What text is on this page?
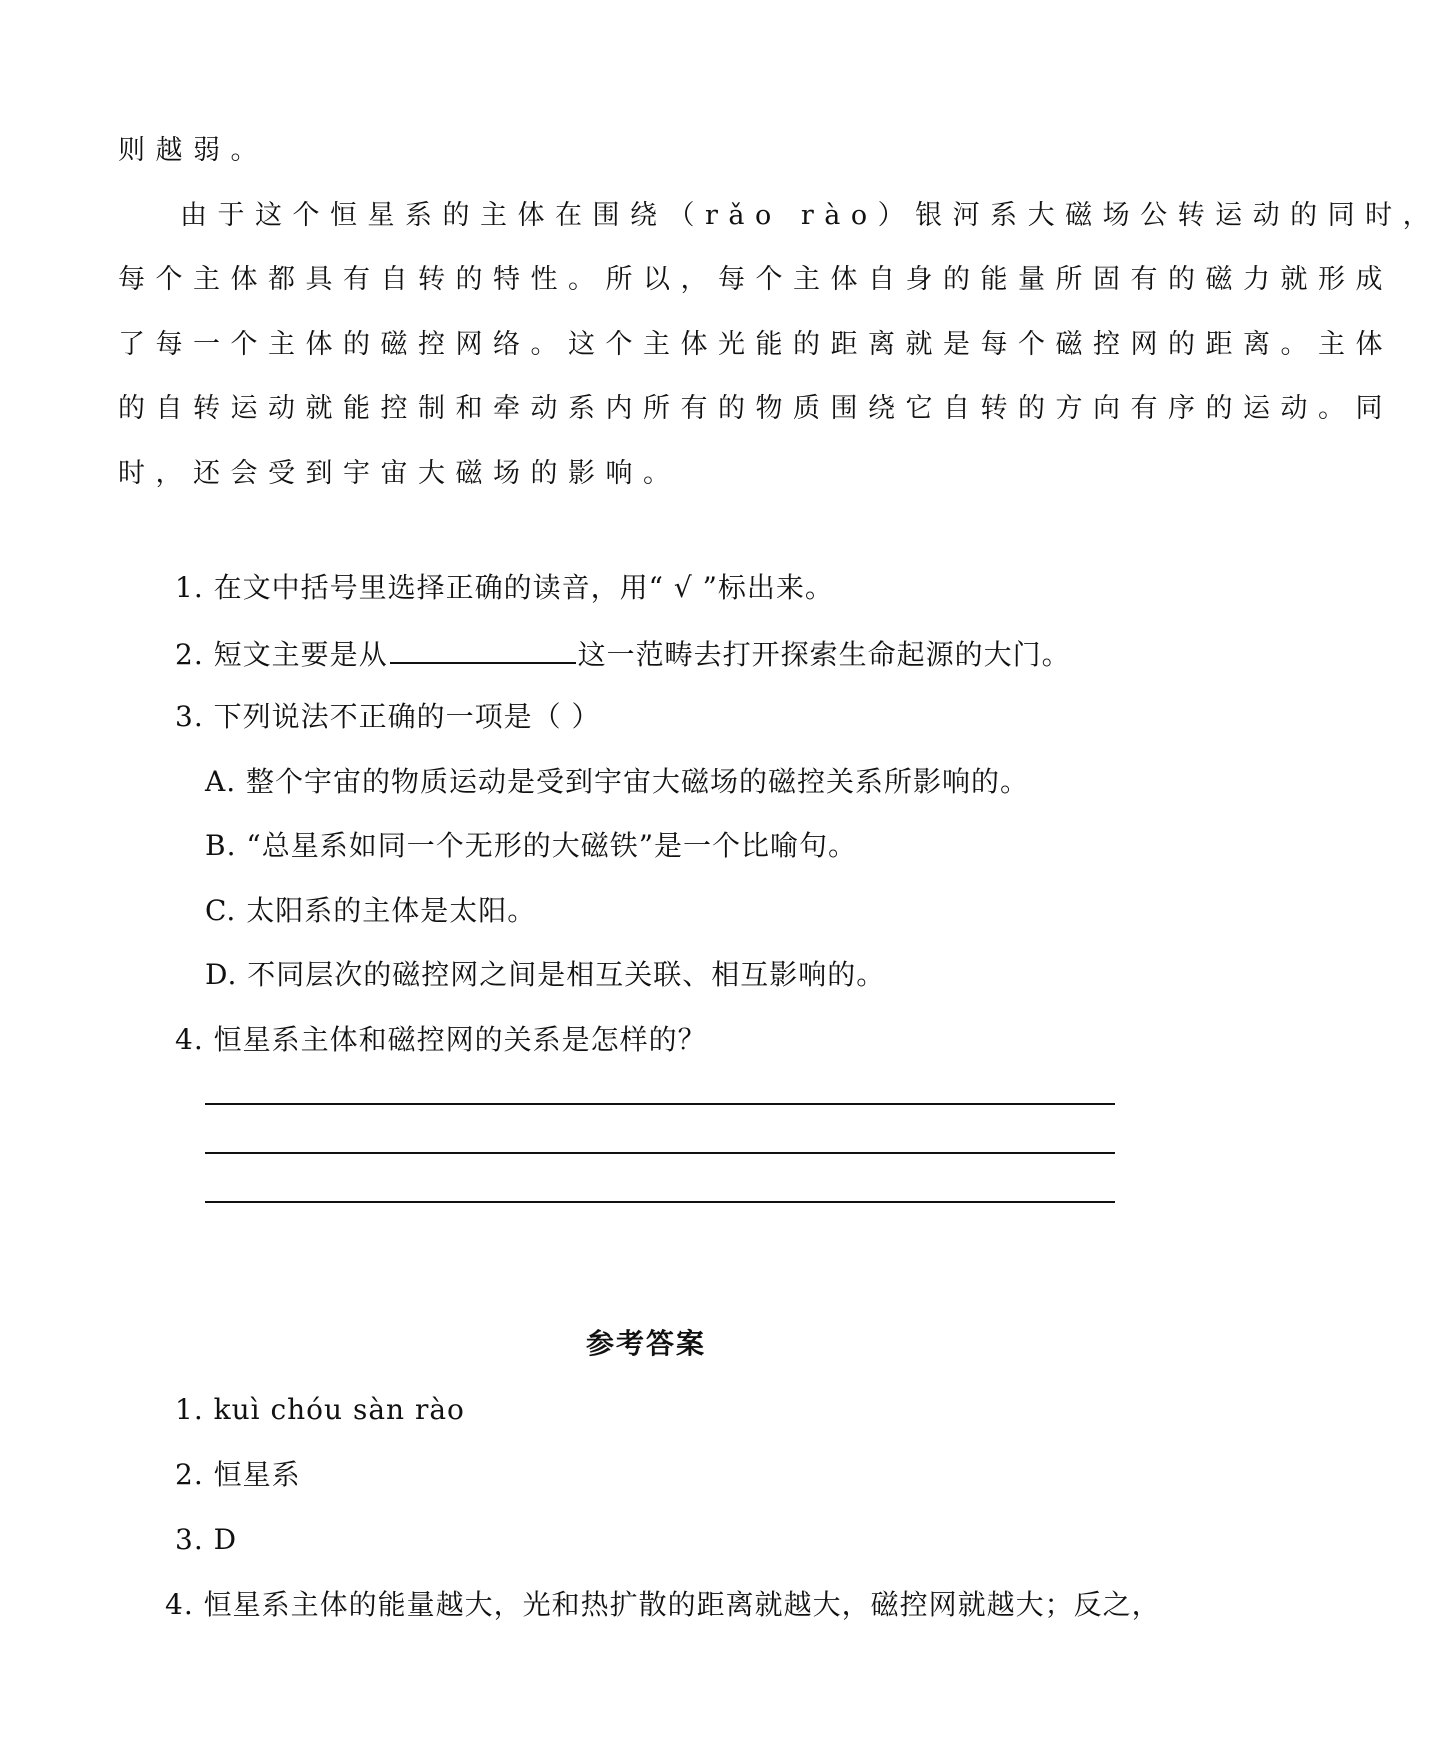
则越弱。
由于这个恒星系的主体在围绕（rǎo rào）银河系大磁场公转运动的同时，
每个主体都具有自转的特性。所以，每个主体自身的能量所固有的磁力就形成
了每一个主体的磁控网络。这个主体光能的距离就是每个磁控网的距离。主体
的自转运动就能控制和牵动系内所有的物质围绕它自转的方向有序的运动。同
时，还会受到宇宙大磁场的影响。
1. 在文中括号里选择正确的读音，用“ √ ”标出来。
2. 短文主要是从	这一范畴去打开探索生命起源的大门。
3. 下列说法不正确的一项是（ ）
A. 整个宇宙的物质运动是受到宇宙大磁场的磁控关系所影响的。
B. “总星系如同一个无形的大磁铁”是一个比喻句。
C. 太阳系的主体是太阳。
D. 不同层次的磁控网之间是相互关联、相互影响的。
4. 恒星系主体和磁控网的关系是怎样的？
参考答案
1. kuì chóu sàn rào
2. 恒星系
3. D
4. 恒星系主体的能量越大，光和热扩散的距离就越大，磁控网就越大；反之，
